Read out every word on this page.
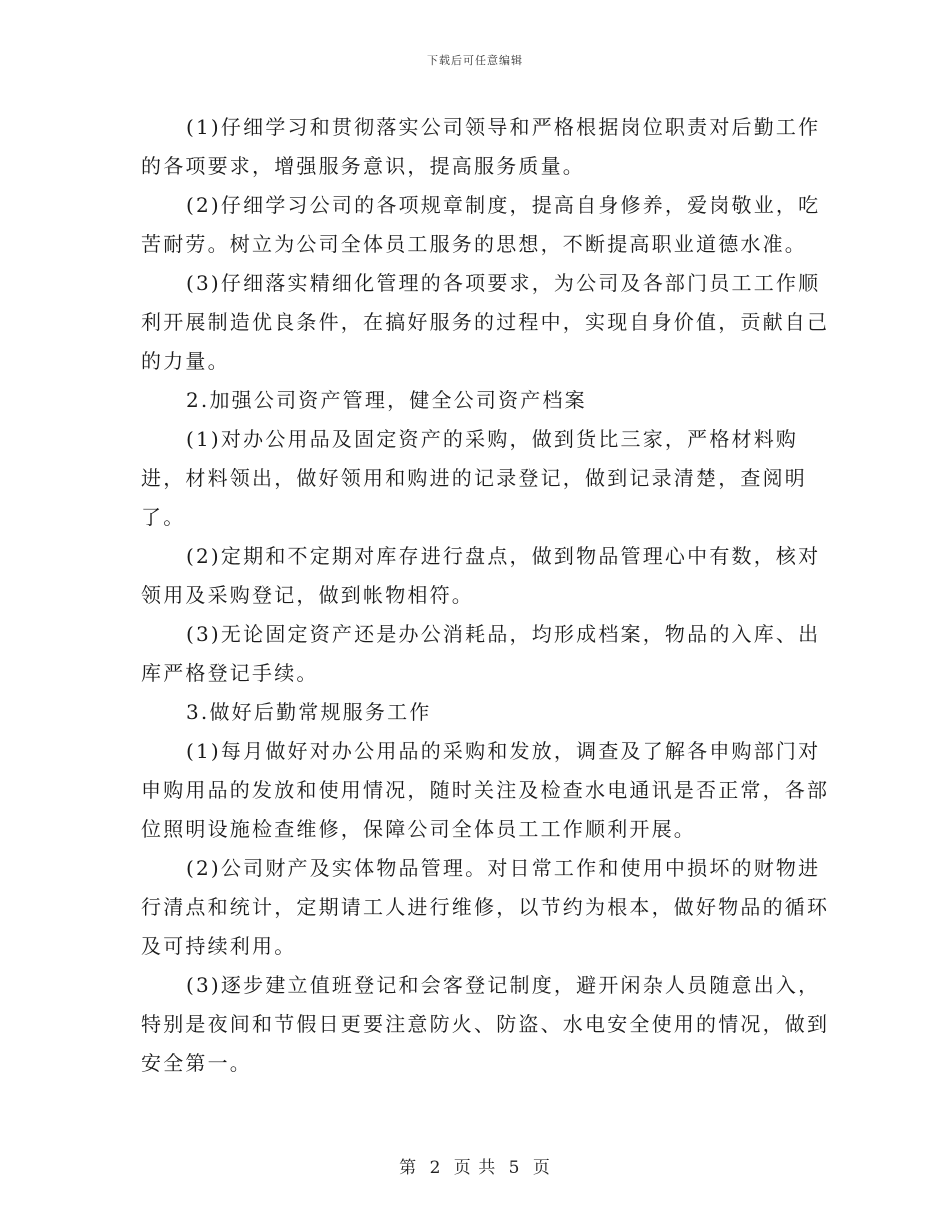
下载后可任意编辑

(1)仔细学习和贯彻落实公司领导和严格根据岗位职责对后勤工作的各项要求，增强服务意识，提高服务质量。

(2)仔细学习公司的各项规章制度，提高自身修养，爱岗敬业，吃苦耐劳。树立为公司全体员工服务的思想，不断提高职业道德水准。

(3)仔细落实精细化管理的各项要求，为公司及各部门员工工作顺利开展制造优良条件，在搞好服务的过程中，实现自身价值，贡献自己的力量。

2.加强公司资产管理，健全公司资产档案

(1)对办公用品及固定资产的采购，做到货比三家，严格材料购进，材料领出，做好领用和购进的记录登记，做到记录清楚，查阅明了。

(2)定期和不定期对库存进行盘点，做到物品管理心中有数，核对领用及采购登记，做到帐物相符。

(3)无论固定资产还是办公消耗品，均形成档案，物品的入库、出库严格登记手续。

3.做好后勤常规服务工作

(1)每月做好对办公用品的采购和发放，调查及了解各申购部门对申购用品的发放和使用情况，随时关注及检查水电通讯是否正常，各部位照明设施检查维修，保障公司全体员工工作顺利开展。

(2)公司财产及实体物品管理。对日常工作和使用中损坏的财物进行清点和统计，定期请工人进行维修，以节约为根本，做好物品的循环及可持续利用。

(3)逐步建立值班登记和会客登记制度，避开闲杂人员随意出入，特别是夜间和节假日更要注意防火、防盗、水电安全使用的情况，做到安全第一。

第 2 页 共 5 页
